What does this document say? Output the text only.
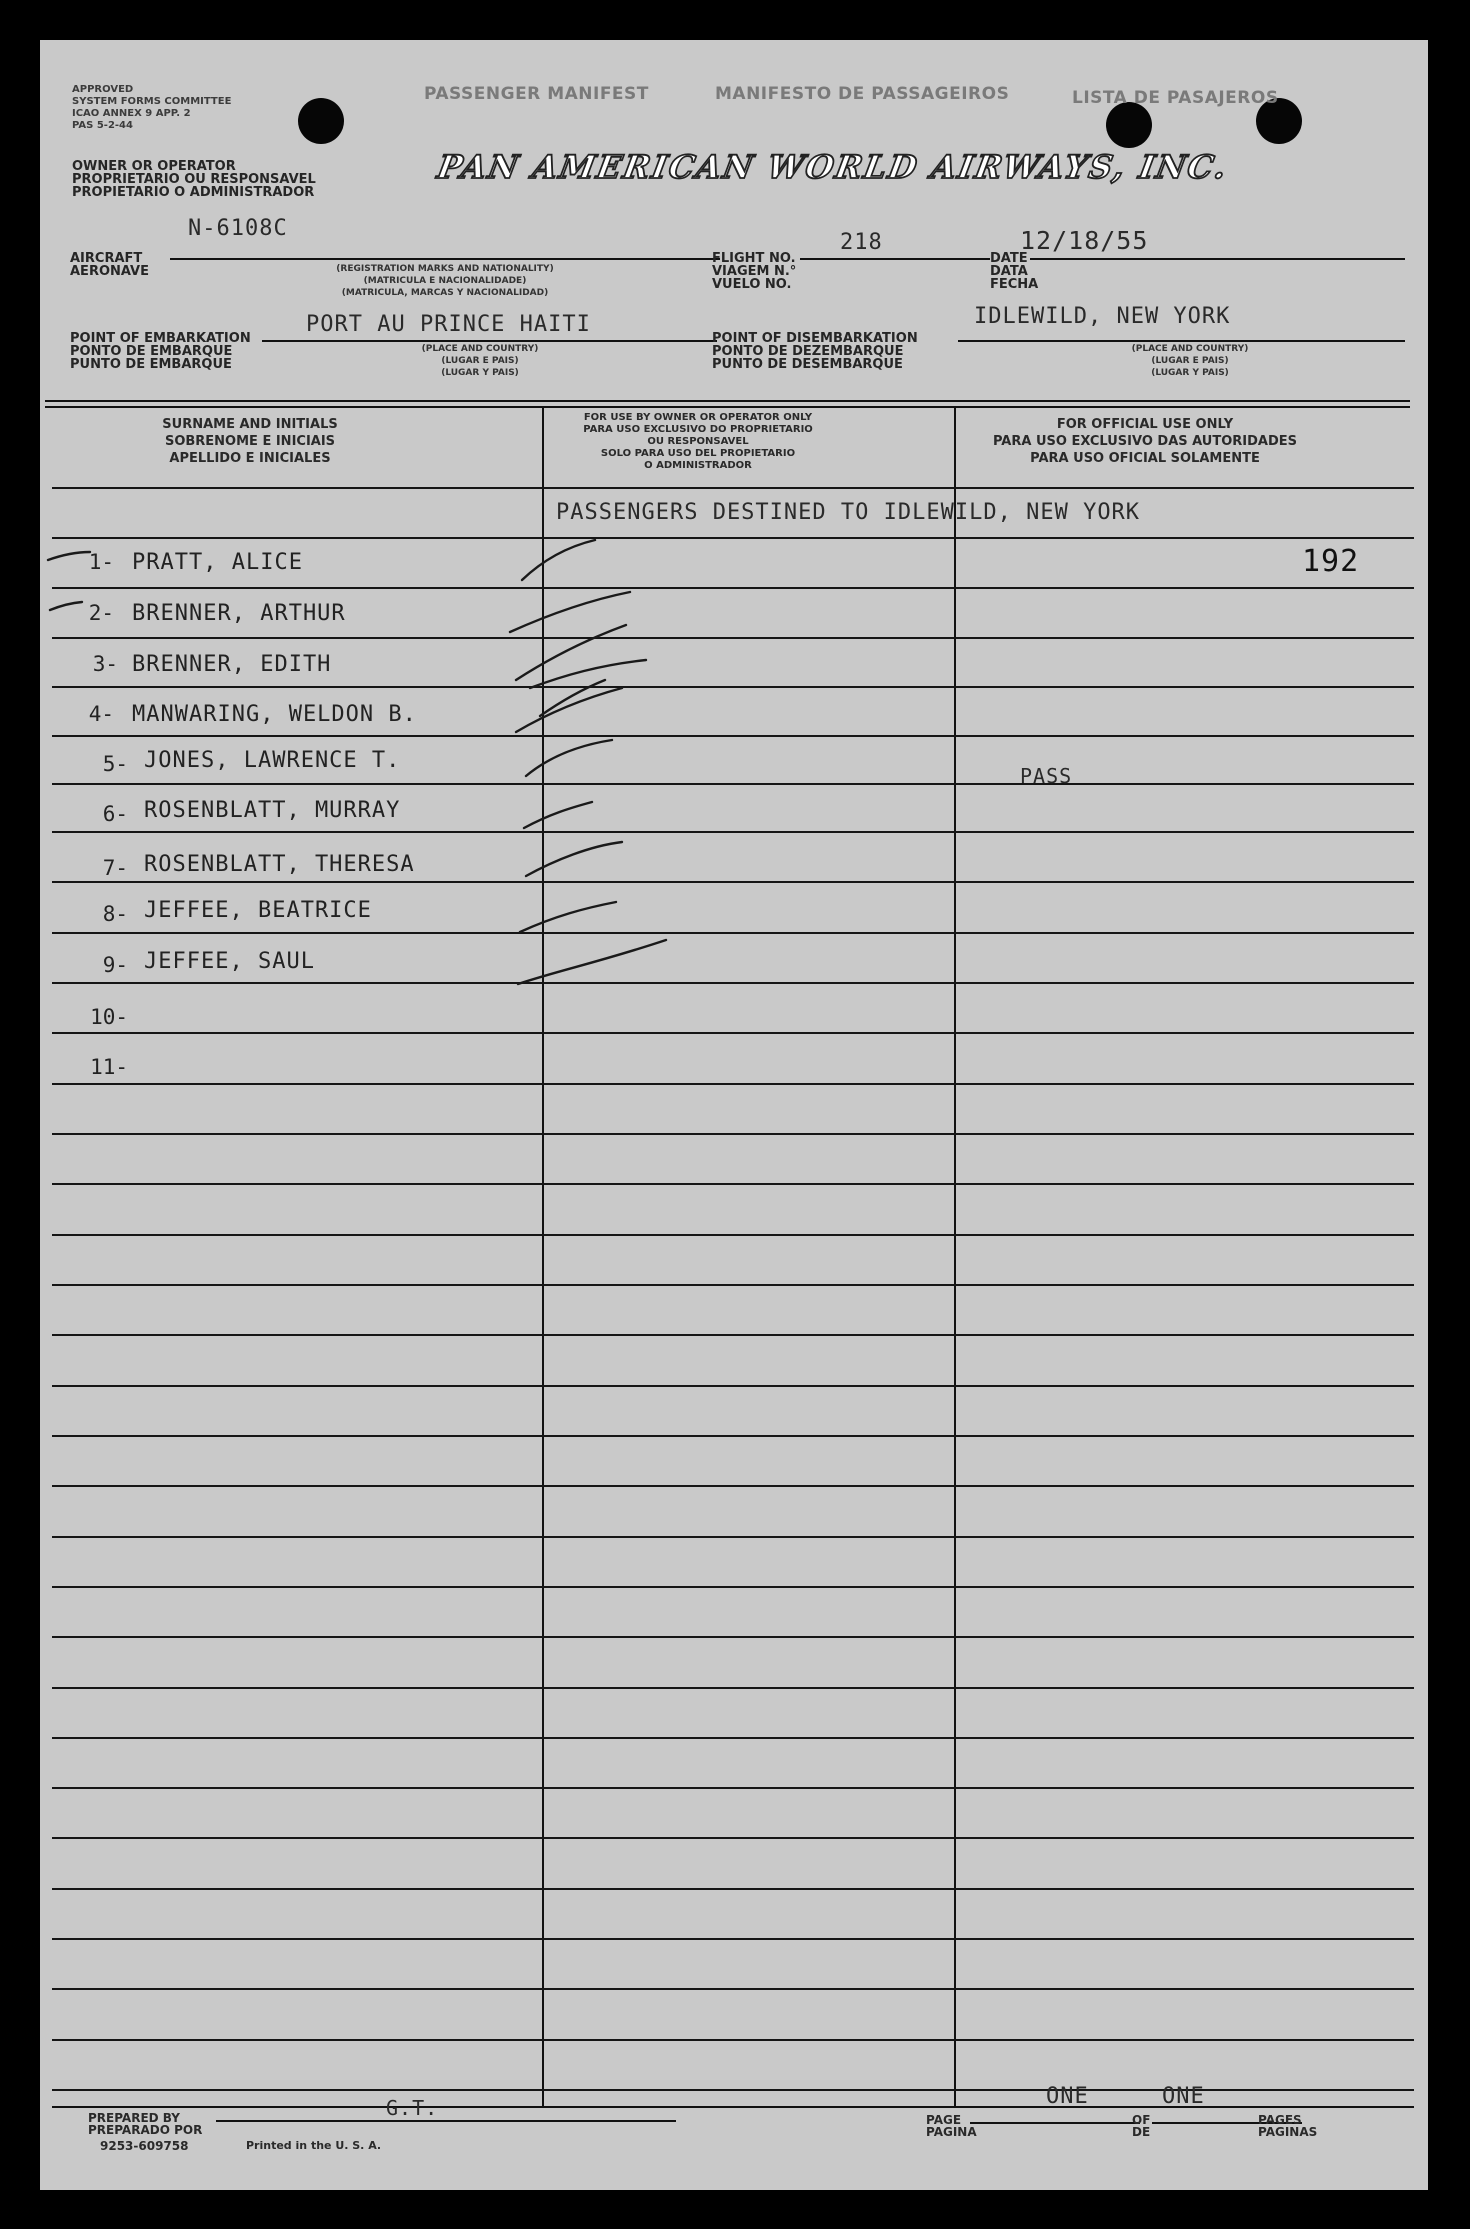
APPROVED
SYSTEM FORMS COMMITTEE
ICAO ANNEX 9 APP. 2
PAS 5-2-44
PASSENGER MANIFEST	MANIFESTO DE PASSAGEIROS	LISTA DE PASAJEROS
OWNER OR OPERATOR
PROPRIETARIO OU RESPONSAVEL
PROPIETARIO O ADMINISTRADOR
PAN AMERICAN WORLD AIRWAYS, INC.
N-6108C
AIRCRAFT
AERONAVE	(REGISTRATION MARKS AND NATIONALITY)
(MATRICULA E NACIONALIDADE)
(MATRICULA, MARCAS Y NACIONALIDAD)
218
FLIGHT NO.
VIAGEM N.°
VUELO NO.
12/18/55
DATE
DATA
FECHA
PORT AU PRINCE HAITI
POINT OF EMBARKATION
PONTO DE EMBARQUE
PUNTO DE EMBARQUE
(PLACE AND COUNTRY)
(LUGAR E PAIS)
(LUGAR Y PAIS)
IDLEWILD, NEW YORK
POINT OF DISEMBARKATION
PONTO DE DEZEMBARQUE
PUNTO DE DESEMBARQUE
(PLACE AND COUNTRY)
(LUGAR E PAIS)
(LUGAR Y PAIS)
SURNAME AND INITIALS
SOBRENOME E INICIAIS
APELLIDO E INICIALES
FOR USE BY OWNER OR OPERATOR ONLY
PARA USO EXCLUSIVO DO PROPRIETARIO
OU RESPONSAVEL
SOLO PARA USO DEL PROPIETARIO
O ADMINISTRADOR
FOR OFFICIAL USE ONLY
PARA USO EXCLUSIVO DAS AUTORIDADES
PARA USO OFICIAL SOLAMENTE
PASSENGERS DESTINED TO IDLEWILD, NEW YORK
192
1- PRATT, ALICE
2- BRENNER, ARTHUR
3- BRENNER, EDITH
4- MANWARING, WELDON B.
5- JONES, LAWRENCE T.
PASS
6- ROSENBLATT, MURRAY
7- ROSENBLATT, THERESA
8- JEFFEE, BEATRICE
9- JEFFEE, SAUL
10-
11-
PREPARED BY
PREPARADO POR
G.T.
9253-609758	Printed in the U. S. A.
PAGE
PAGINA
ONE
OF
DE
ONE
PAGES
PAGINAS
